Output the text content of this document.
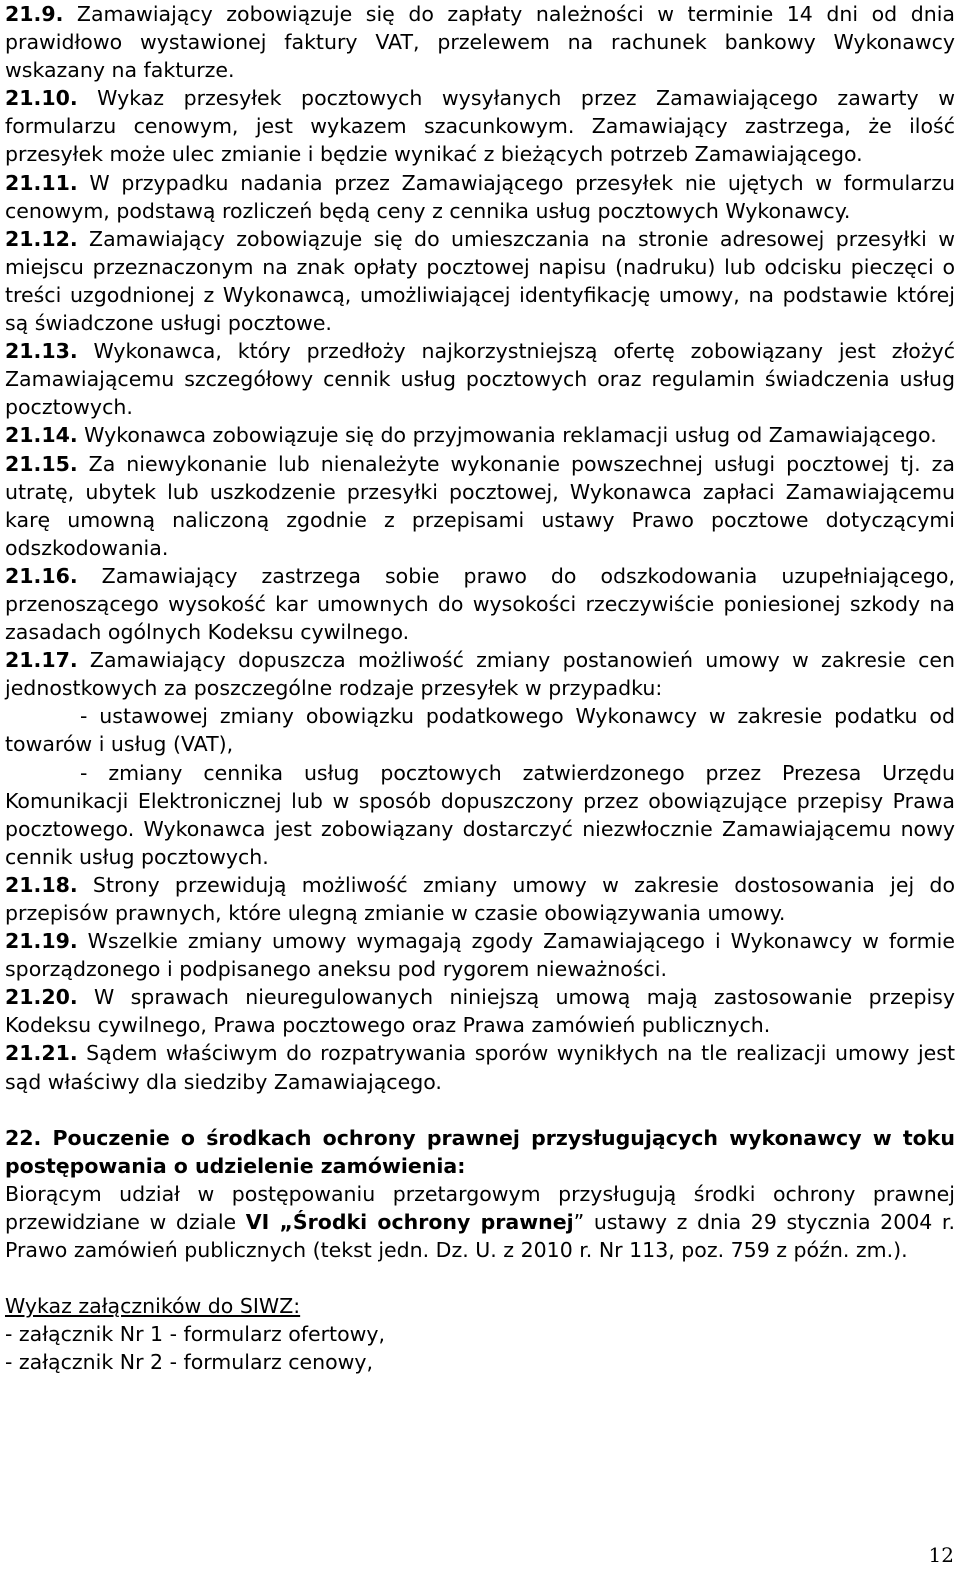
21.9. Zamawiający zobowiązuje się do zapłaty należności w terminie 14 dni od dnia prawidłowo wystawionej faktury VAT, przelewem na rachunek bankowy Wykonawcy wskazany na fakturze.

21.10. Wykaz przesyłek pocztowych wysyłanych przez Zamawiającego zawarty w formularzu cenowym, jest wykazem szacunkowym. Zamawiający zastrzega, że ilość przesyłek może ulec zmianie i będzie wynikać z bieżących potrzeb Zamawiającego.

21.11. W przypadku nadania przez Zamawiającego przesyłek nie ujętych w formularzu cenowym, podstawą rozliczeń będą ceny z cennika usług pocztowych Wykonawcy.

21.12. Zamawiający zobowiązuje się do umieszczania na stronie adresowej przesyłki w miejscu przeznaczonym na znak opłaty pocztowej napisu (nadruku) lub odcisku pieczęci o treści uzgodnionej z Wykonawcą, umożliwiającej identyfikację umowy, na podstawie której są świadczone usługi pocztowe.

21.13. Wykonawca, który przedłoży najkorzystniejszą ofertę zobowiązany jest złożyć Zamawiającemu szczegółowy cennik usług pocztowych oraz regulamin świadczenia usług pocztowych.

21.14. Wykonawca zobowiązuje się do przyjmowania reklamacji usług od Zamawiającego.

21.15. Za niewykonanie lub nienależyte wykonanie powszechnej usługi pocztowej tj. za utratę, ubytek lub uszkodzenie przesyłki pocztowej, Wykonawca zapłaci Zamawiającemu karę umowną naliczoną zgodnie z przepisami ustawy Prawo pocztowe dotyczącymi odszkodowania.

21.16. Zamawiający zastrzega sobie prawo do odszkodowania uzupełniającego, przenoszącego wysokość kar umownych do wysokości rzeczywiście poniesionej szkody na zasadach ogólnych Kodeksu cywilnego.

21.17. Zamawiający dopuszcza możliwość zmiany postanowień umowy w zakresie cen jednostkowych za poszczególne rodzaje przesyłek w przypadku:

- ustawowej zmiany obowiązku podatkowego Wykonawcy w zakresie podatku od towarów i usług (VAT),

- zmiany cennika usług pocztowych zatwierdzonego przez Prezesa Urzędu Komunikacji Elektronicznej lub w sposób dopuszczony przez obowiązujące przepisy Prawa pocztowego. Wykonawca jest zobowiązany dostarczyć niezwłocznie Zamawiającemu nowy cennik usług pocztowych.

21.18. Strony przewidują możliwość zmiany umowy w zakresie dostosowania jej do przepisów prawnych, które ulegną zmianie w czasie obowiązywania umowy.

21.19. Wszelkie zmiany umowy wymagają zgody Zamawiającego i Wykonawcy w formie sporządzonego i podpisanego aneksu pod rygorem nieważności.

21.20. W sprawach nieuregulowanych niniejszą umową mają zastosowanie przepisy Kodeksu cywilnego, Prawa pocztowego oraz Prawa zamówień publicznych.

21.21. Sądem właściwym do rozpatrywania sporów wynikłych na tle realizacji umowy jest sąd właściwy dla siedziby Zamawiającego.

22. Pouczenie o środkach ochrony prawnej przysługujących wykonawcy w toku postępowania o udzielenie zamówienia:

Biorącym udział w postępowaniu przetargowym przysługują środki ochrony prawnej przewidziane w dziale VI „Środki ochrony prawnej” ustawy z dnia 29 stycznia 2004 r. Prawo zamówień publicznych (tekst jedn. Dz. U. z 2010 r. Nr 113, poz. 759 z późn. zm.).

Wykaz załączników do SIWZ:

- załącznik Nr 1 - formularz ofertowy,

- załącznik Nr 2 - formularz cenowy,

12
